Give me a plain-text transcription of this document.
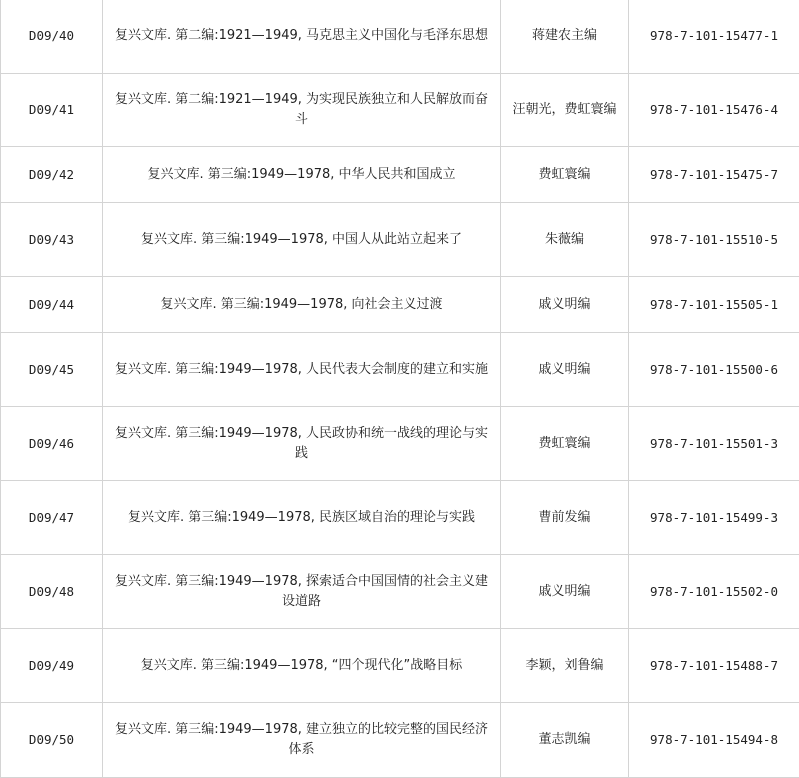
D09/40	复兴文库. 第二编:1921—1949, 马克思主义中国化与毛泽东思想	蒋建农主编	978-7-101-15477-1
D09/41	复兴文库. 第二编:1921—1949, 为实现民族独立和人民解放而奋斗	汪朝光，费虹寰编	978-7-101-15476-4
D09/42	复兴文库. 第三编:1949—1978, 中华人民共和国成立	费虹寰编	978-7-101-15475-7
D09/43	复兴文库. 第三编:1949—1978, 中国人从此站立起来了	朱薇编	978-7-101-15510-5
D09/44	复兴文库. 第三编:1949—1978, 向社会主义过渡	戚义明编	978-7-101-15505-1
D09/45	复兴文库. 第三编:1949—1978, 人民代表大会制度的建立和实施	戚义明编	978-7-101-15500-6
D09/46	复兴文库. 第三编:1949—1978, 人民政协和统一战线的理论与实践	费虹寰编	978-7-101-15501-3
D09/47	复兴文库. 第三编:1949—1978, 民族区域自治的理论与实践	曹前发编	978-7-101-15499-3
D09/48	复兴文库. 第三编:1949—1978, 探索适合中国国情的社会主义建设道路	戚义明编	978-7-101-15502-0
D09/49	复兴文库. 第三编:1949—1978, “四个现代化”战略目标	李颖，刘鲁编	978-7-101-15488-7
D09/50	复兴文库. 第三编:1949—1978, 建立独立的比较完整的国民经济体系	董志凯编	978-7-101-15494-8
